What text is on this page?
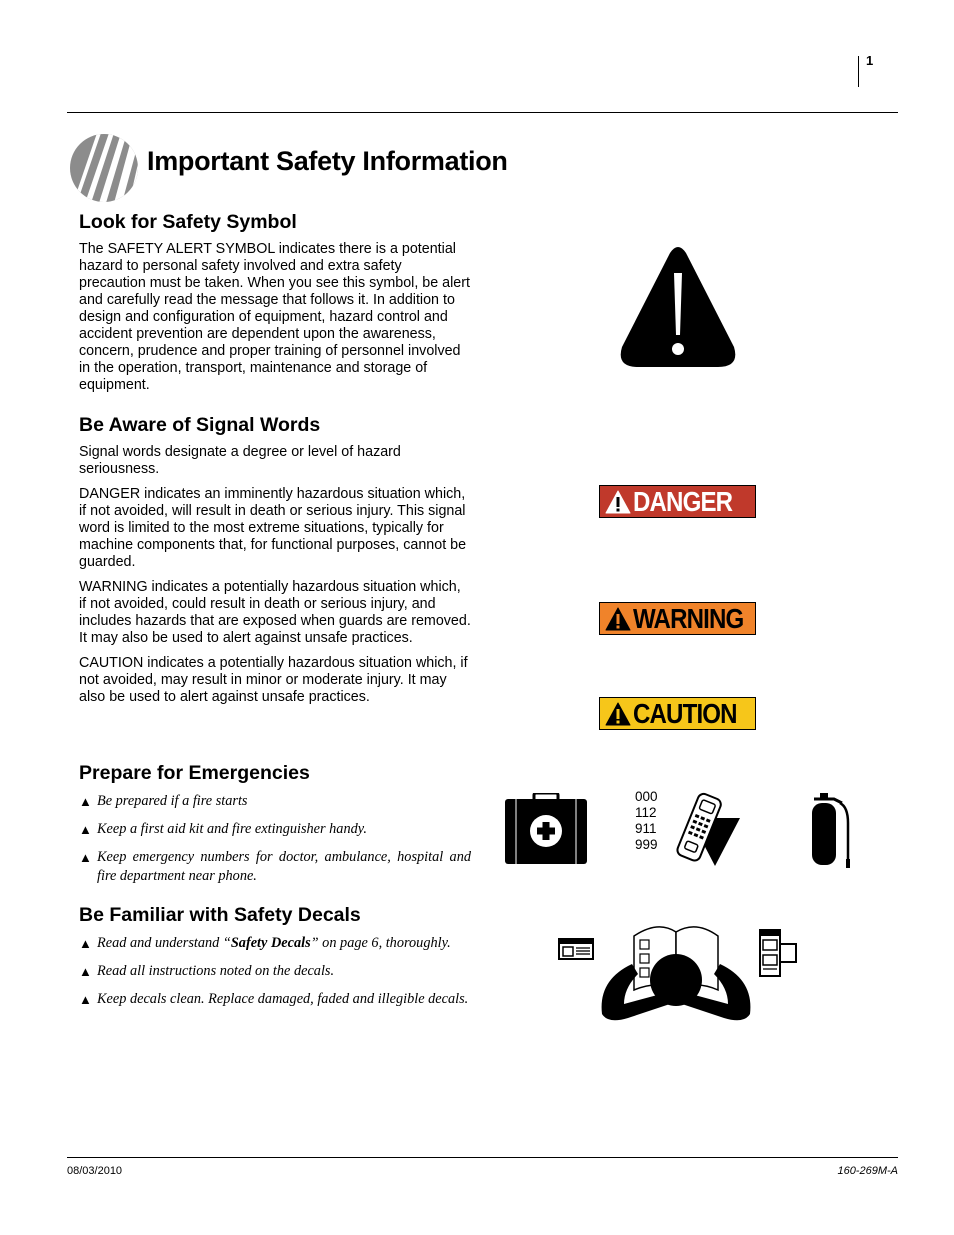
1
Important Safety Information
Look for Safety Symbol

The SAFETY ALERT SYMBOL indicates there is a potential hazard to personal safety involved and extra safety precaution must be taken. When you see this symbol, be alert and carefully read the message that follows it. In addition to design and configuration of equipment, hazard control and accident prevention are dependent upon the awareness, concern, prudence and proper training of personnel involved in the operation, transport, maintenance and storage of equipment.

Be Aware of Signal Words

Signal words designate a degree or level of hazard seriousness.

DANGER indicates an imminently hazardous situation which, if not avoided, will result in death or serious injury. This signal word is limited to the most extreme situations, typically for machine components that, for functional purposes, cannot be guarded.

WARNING indicates a potentially hazardous situation which, if not avoided, could result in death or serious injury, and includes hazards that are exposed when guards are removed. It may also be used to alert against unsafe practices.

CAUTION indicates a potentially hazardous situation which, if not avoided, may result in minor or moderate injury. It may also be used to alert against unsafe practices.

Prepare for Emergencies
▲ Be prepared if a fire starts
▲ Keep a first aid kit and fire extinguisher handy.
▲ Keep emergency numbers for doctor, ambulance, hospital and fire department near phone.
Be Familiar with Safety Decals
▲ Read and understand “Safety Decals” on page 6, thoroughly.
▲ Read all instructions noted on the decals.
▲ Keep decals clean. Replace damaged, faded and illegible decals.
DANGER
WARNING
CAUTION
000
112
911
999
08/03/2010	160-269M-A
